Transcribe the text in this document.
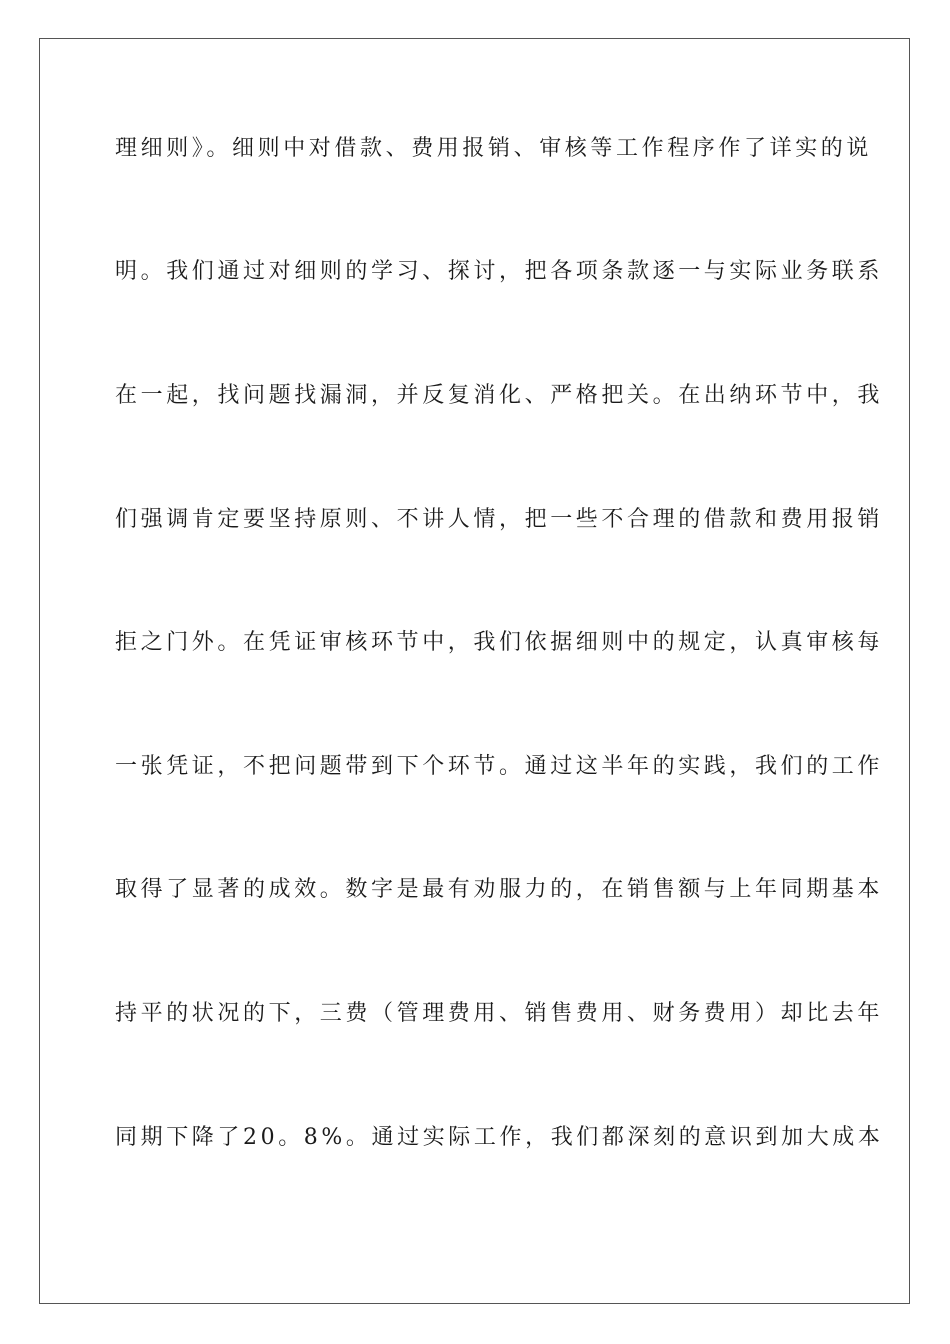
理细则》。细则中对借款、费用报销、审核等工作程序作了详实的说
明。我们通过对细则的学习、探讨，把各项条款逐一与实际业务联系
在一起，找问题找漏洞，并反复消化、严格把关。在出纳环节中，我
们强调肯定要坚持原则、不讲人情，把一些不合理的借款和费用报销
拒之门外。在凭证审核环节中，我们依据细则中的规定，认真审核每
一张凭证，不把问题带到下个环节。通过这半年的实践，我们的工作
取得了显著的成效。数字是最有劝服力的，在销售额与上年同期基本
持平的状况的下，三费（管理费用、销售费用、财务费用）却比去年
同期下降了20。8%。通过实际工作，我们都深刻的意识到加大成本
